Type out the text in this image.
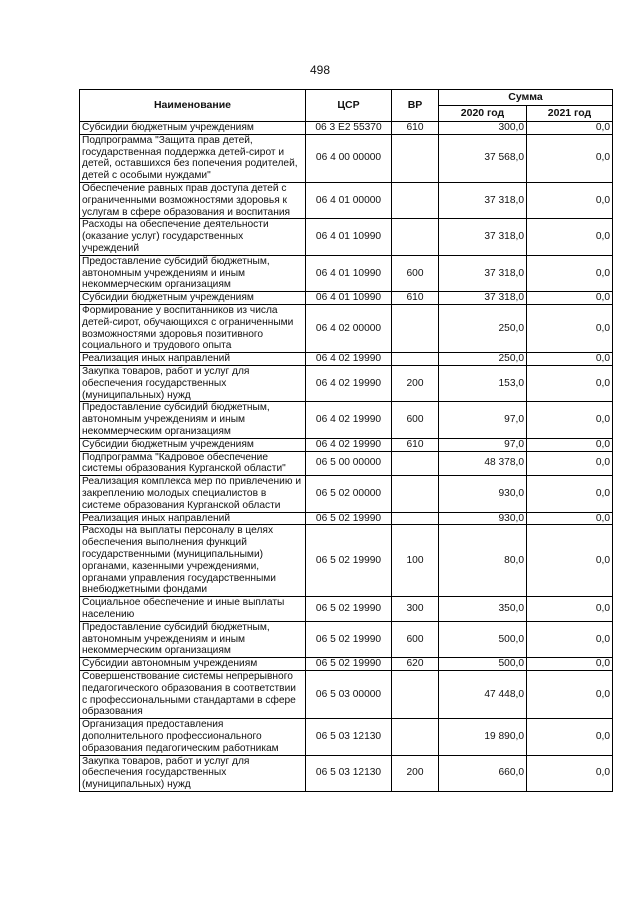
498
Наименование	ЦСР	ВР	Сумма	
			2020 год	2021 год
Субсидии бюджетным учреждениям	06 3 E2 55370	610	300,0	0,0
Подпрограмма "Защита прав детей, государственная поддержка детей-сирот и детей, оставшихся без попечения родителей, детей с особыми нуждами"	06 4 00 00000		37 568,0	0,0
Обеспечение равных прав доступа детей с ограниченными возможностями здоровья к услугам в сфере образования и воспитания	06 4 01 00000		37 318,0	0,0
Расходы на обеспечение деятельности (оказание услуг) государственных учреждений	06 4 01 10990		37 318,0	0,0
Предоставление субсидий бюджетным, автономным учреждениям и иным некоммерческим организациям	06 4 01 10990	600	37 318,0	0,0
Субсидии бюджетным учреждениям	06 4 01 10990	610	37 318,0	0,0
Формирование у воспитанников из числа детей-сирот, обучающихся с ограниченными возможностями здоровья позитивного социального и трудового опыта	06 4 02 00000		250,0	0,0
Реализация иных направлений	06 4 02 19990		250,0	0,0
Закупка товаров, работ и услуг для обеспечения государственных (муниципальных) нужд	06 4 02 19990	200	153,0	0,0
Предоставление субсидий бюджетным, автономным учреждениям и иным некоммерческим организациям	06 4 02 19990	600	97,0	0,0
Субсидии бюджетным учреждениям	06 4 02 19990	610	97,0	0,0
Подпрограмма "Кадровое обеспечение системы образования Курганской области"	06 5 00 00000		48 378,0	0,0
Реализация комплекса мер по привлечению и закреплению молодых специалистов в системе образования Курганской области	06 5 02 00000		930,0	0,0
Реализация иных направлений	06 5 02 19990		930,0	0,0
Расходы на выплаты персоналу в целях обеспечения выполнения функций государственными (муниципальными) органами, казенными учреждениями, органами управления государственными внебюджетными фондами	06 5 02 19990	100	80,0	0,0
Социальное обеспечение и иные выплаты населению	06 5 02 19990	300	350,0	0,0
Предоставление субсидий бюджетным, автономным учреждениям и иным некоммерческим организациям	06 5 02 19990	600	500,0	0,0
Субсидии автономным учреждениям	06 5 02 19990	620	500,0	0,0
Совершенствование системы непрерывного педагогического образования в соответствии с профессиональными стандартами в сфере образования	06 5 03 00000		47 448,0	0,0
Организация предоставления дополнительного профессионального образования педагогическим работникам	06 5 03 12130		19 890,0	0,0
Закупка товаров, работ и услуг для обеспечения государственных (муниципальных) нужд	06 5 03 12130	200	660,0	0,0
